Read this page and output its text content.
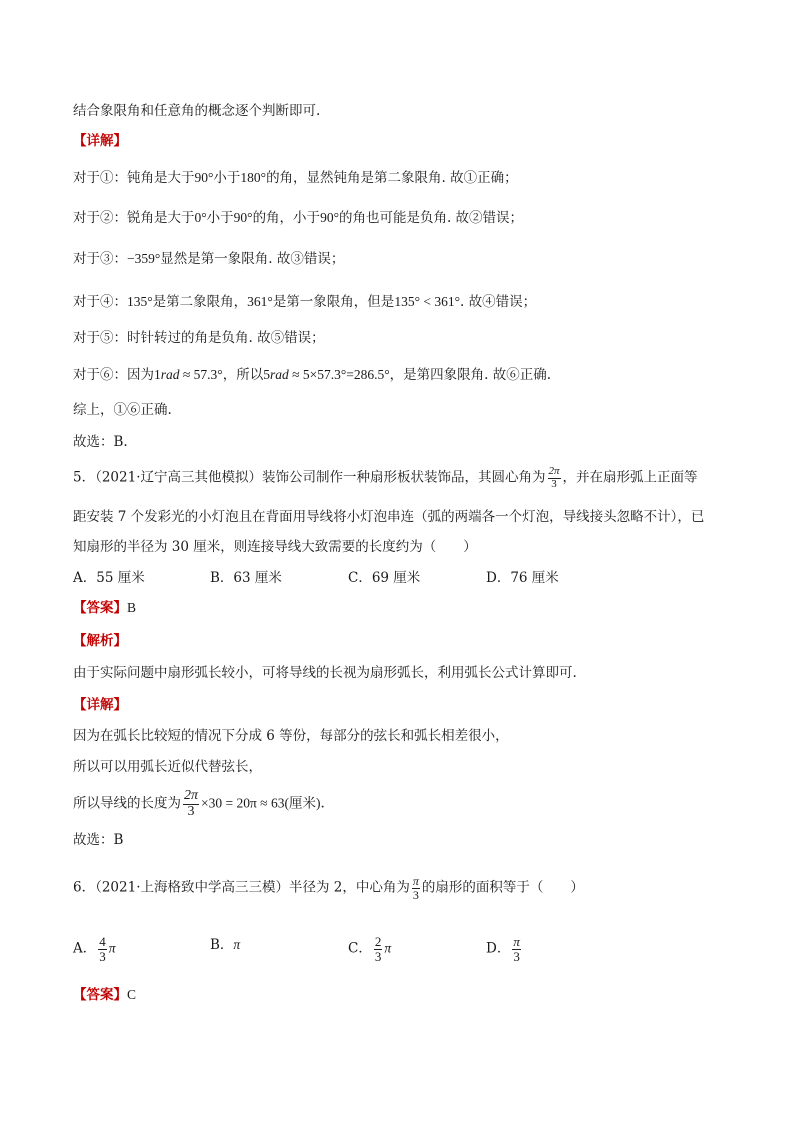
结合象限角和任意角的概念逐个判断即可.
【详解】
对于①：钝角是大于90°小于180°的角，显然钝角是第二象限角. 故①正确；
对于②：锐角是大于0°小于90°的角，小于90°的角也可能是负角. 故②错误；
对于③：−359°显然是第一象限角. 故③错误；
对于④：135°是第二象限角，361°是第一象限角，但是135° < 361°. 故④错误；
对于⑤：时针转过的角是负角. 故⑤错误；
对于⑥：因为1rad ≈ 57.3°，所以5rad ≈ 5×57.3°=286.5°，是第四象限角. 故⑥正确.
综上，①⑥正确.
故选：B.
5．（2021·辽宁高三其他模拟）装饰公司制作一种扇形板状装饰品，其圆心角为 $\frac{2\pi}{3}$ ，并在扇形弧上正面等
距安装 7 个发彩光的小灯泡且在背面用导线将小灯泡串连（弧的两端各一个灯泡，导线接头忽略不计），已
知扇形的半径为 30 厘米，则连接导线大致需要的长度约为（　　）
A．55 厘米	B．63 厘米	C．69 厘米	D．76 厘米
【答案】B
【解析】
由于实际问题中扇形弧长较小，可将导线的长视为扇形弧长，利用弧长公式计算即可.
【详解】
因为在弧长比较短的情况下分成 6 等份，每部分的弦长和弧长相差很小，
所以可以用弧长近似代替弦长，
所以导线的长度为 $\frac{2\pi}{3} \times 30 = 20\pi \approx 63$(厘米).
故选：B
6．（2021·上海格致中学高三三模）半径为 2，中心角为 $\frac{\pi}{3}$ 的扇形的面积等于（　　）
A． $\frac{4}{3}$ π	B．π	C． $\frac{2}{3}$ π	D． $\frac{\pi}{3}$
【答案】C
